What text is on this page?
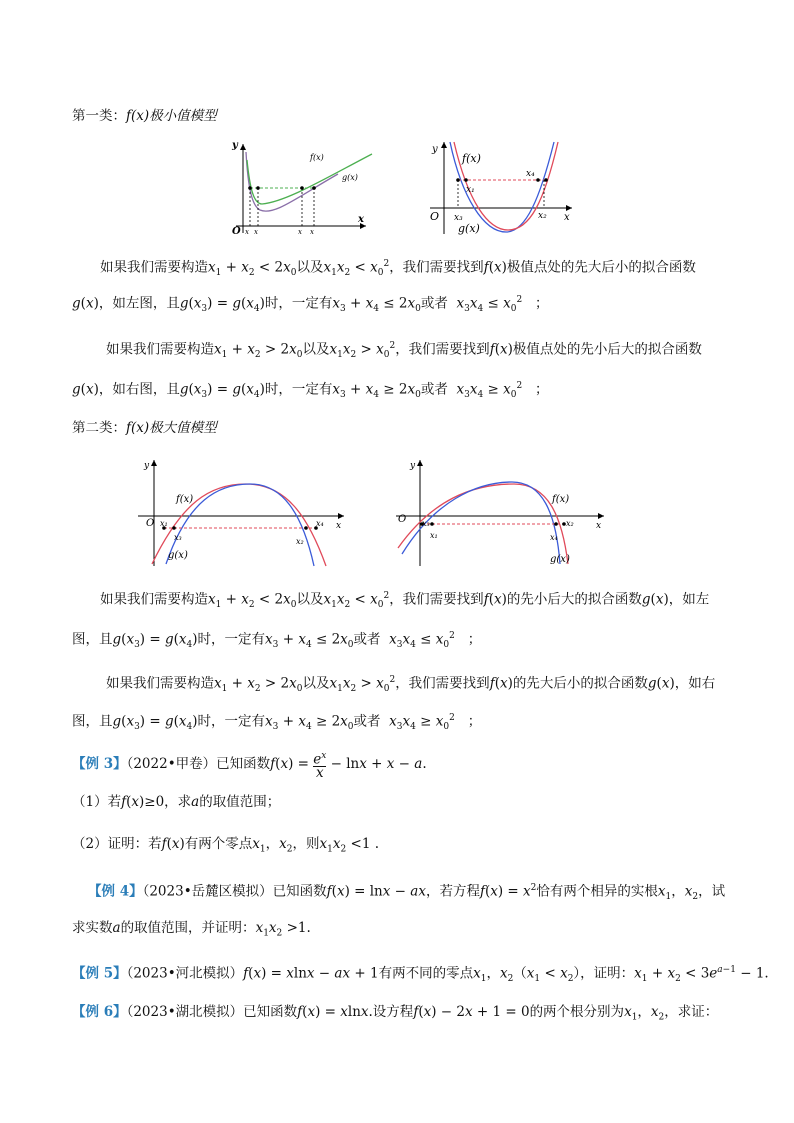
第一类：f(x)极小值模型
y
x
O
f(x)
g(x)
x x	x x
y
x
O
f(x)
g(x)
x₁
x₂
x₃
x₄
如果我们需要构造$x_1 + x_2 < 2x_0$以及$x_1x_2 < x_0^2$，我们需要找到f(x)极值点处的先大后小的拟合函数
g(x)，如左图，且$g(x_3) = g(x_4)$时，一定有$x_3 + x_4 \le 2x_0$或者 $x_3x_4 \le x_0^2$ ；
如果我们需要构造$x_1 + x_2 > 2x_0$以及$x_1x_2 > x_0^2$，我们需要找到f(x)极值点处的先小后大的拟合函数
g(x)，如右图，且$g(x_3) = g(x_4)$时，一定有$x_3 + x_4 \ge 2x_0$或者 $x_3x_4 \ge x_0^2$ ；
第二类：f(x)极大值模型
y
x
O
f(x)
g(x)
x₁
x₂
x₃
x₄
y
x
O
f(x)
g(x)
x₁
x₂
x₃
x₄
如果我们需要构造$x_1 + x_2 < 2x_0$以及$x_1x_2 < x_0^2$，我们需要找到f(x)的先小后大的拟合函数g(x)，如左
图，且$g(x_3) = g(x_4)$时，一定有$x_3 + x_4 \le 2x_0$或者 $x_3x_4 \le x_0^2$ ；
如果我们需要构造$x_1 + x_2 > 2x_0$以及$x_1x_2 > x_0^2$，我们需要找到f(x)的先大后小的拟合函数g(x)，如右
图，且$g(x_3) = g(x_4)$时，一定有$x_3 + x_4 \ge 2x_0$或者 $x_3x_4 \ge x_0^2$ ；
【例 3】（2022•甲卷）已知函数$f(x) = \frac{e^x}{x} - \ln x + x - a$.
（1）若f(x)≥0，求a的取值范围；
（2）证明：若f(x)有两个零点$x_1$，$x_2$，则$x_1x_2 <1$ .
【例 4】（2023•岳麓区模拟）已知函数f(x) = lnx − ax，若方程$f(x) = x^2$恰有两个相异的实根$x_1$，$x_2$，试
求实数a的取值范围，并证明：$x_1x_2 >1$.
【例 5】（2023•河北模拟）f(x) = xlnx − ax + 1有两不同的零点$x_1$，$x_2(x_1 < x_2)$，证明：$x_1 + x_2 < 3e^{a-1} - 1$.
【例 6】（2023•湖北模拟）已知函数f(x) = xlnx.设方程f(x) − 2x + 1 = 0的两个根分别为$x_1$，$x_2$，求证：
